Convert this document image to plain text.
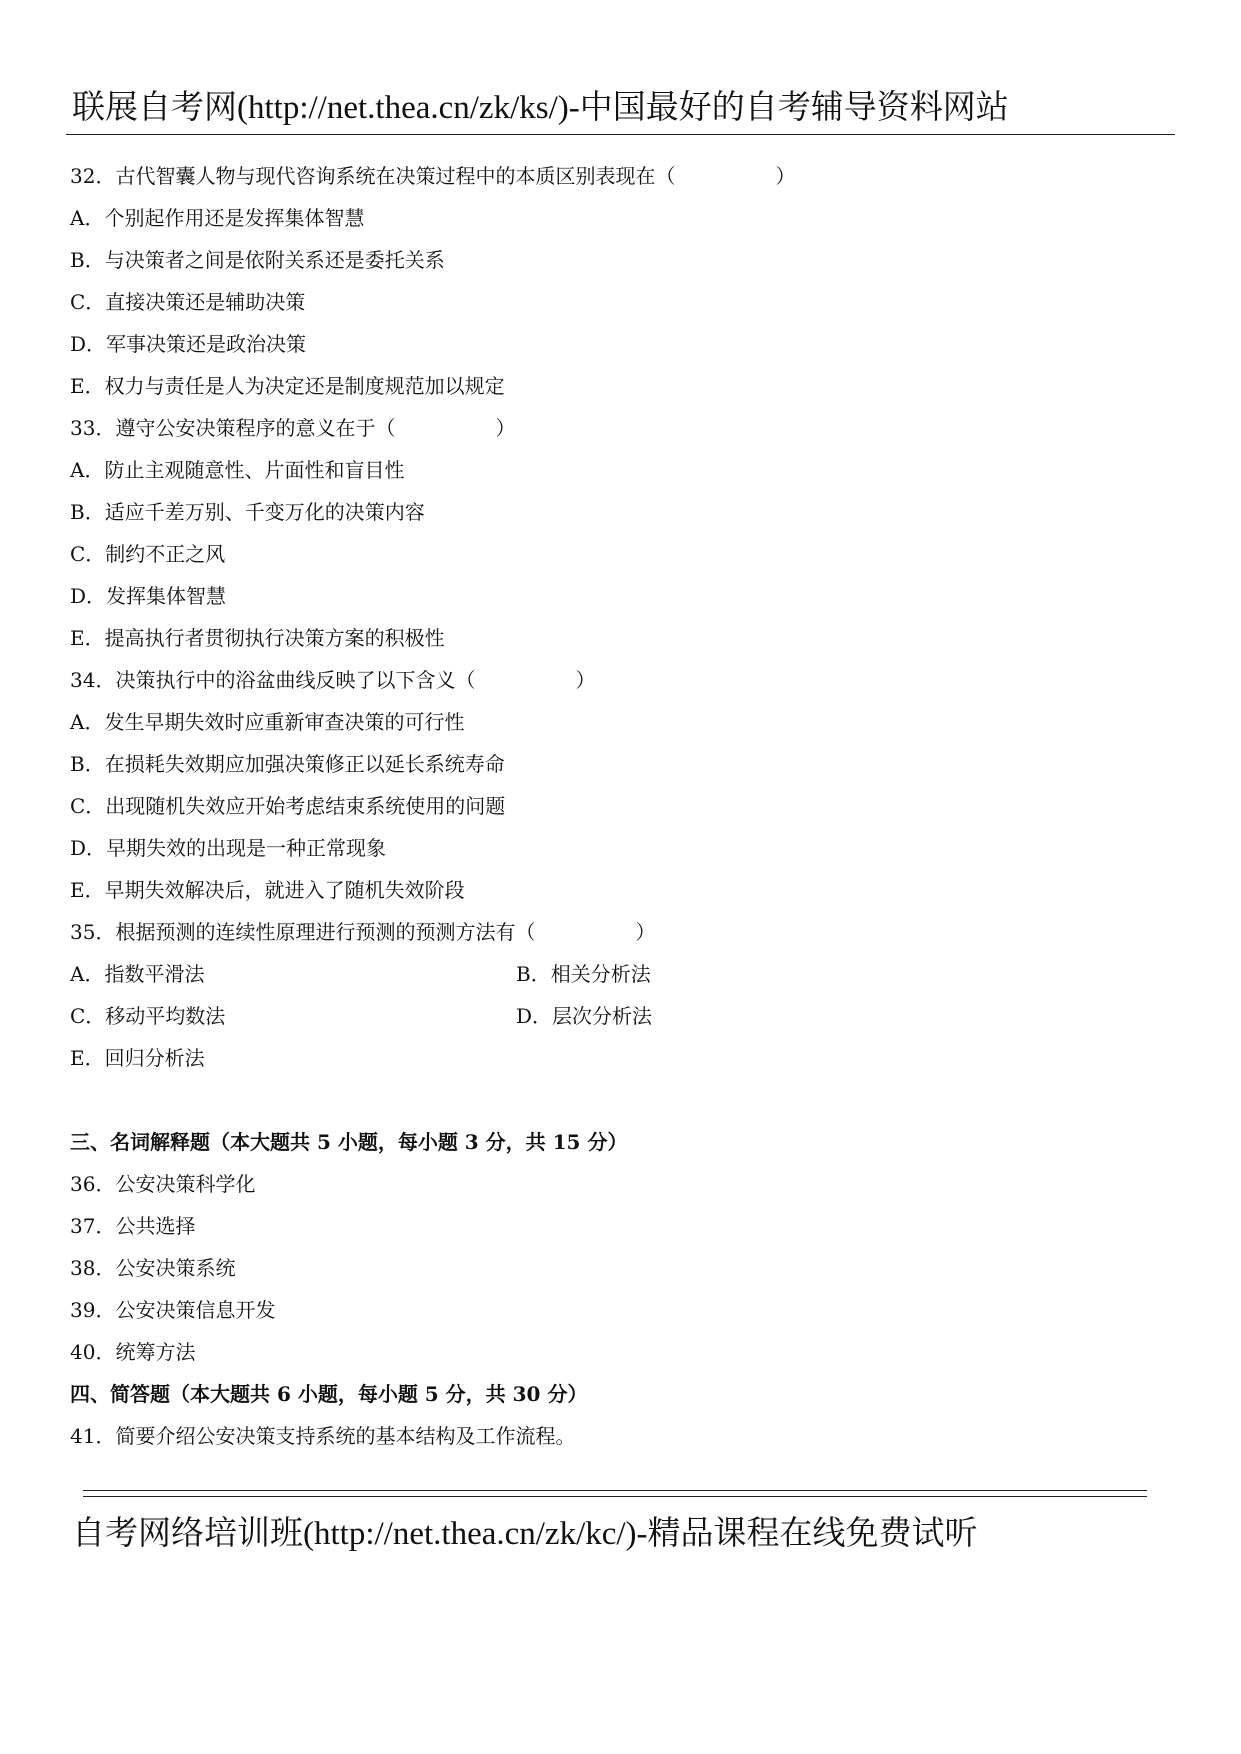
联展自考网(http://net.thea.cn/zk/ks/)-中国最好的自考辅导资料网站
32．古代智囊人物与现代咨询系统在决策过程中的本质区别表现在（　　　　　）
A．个别起作用还是发挥集体智慧
B．与决策者之间是依附关系还是委托关系
C．直接决策还是辅助决策
D．军事决策还是政治决策
E．权力与责任是人为决定还是制度规范加以规定
33．遵守公安决策程序的意义在于（　　　　　）
A．防止主观随意性、片面性和盲目性
B．适应千差万别、千变万化的决策内容
C．制约不正之风
D．发挥集体智慧
E．提高执行者贯彻执行决策方案的积极性
34．决策执行中的浴盆曲线反映了以下含义（　　　　　）
A．发生早期失效时应重新审查决策的可行性
B．在损耗失效期应加强决策修正以延长系统寿命
C．出现随机失效应开始考虑结束系统使用的问题
D．早期失效的出现是一种正常现象
E．早期失效解决后，就进入了随机失效阶段
35．根据预测的连续性原理进行预测的预测方法有（　　　　　）
A．指数平滑法	B．相关分析法
C．移动平均数法	D．层次分析法
E．回归分析法
三、名词解释题（本大题共 5 小题，每小题 3 分，共 15 分）
36．公安决策科学化
37．公共选择
38．公安决策系统
39．公安决策信息开发
40．统筹方法
四、简答题（本大题共 6 小题，每小题 5 分，共 30 分）
41．简要介绍公安决策支持系统的基本结构及工作流程。
自考网络培训班(http://net.thea.cn/zk/kc/)-精品课程在线免费试听
